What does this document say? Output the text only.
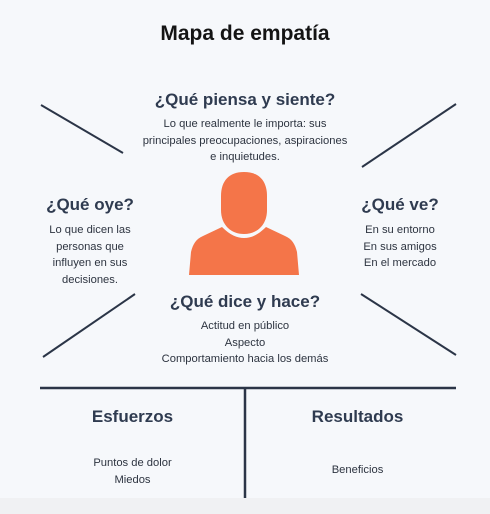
Mapa de empatía
¿Qué piensa y siente?
Lo que realmente le importa: sus
principales preocupaciones, aspiraciones
e inquietudes.
¿Qué oye?
Lo que dicen las
personas que
influyen en sus
decisiones.
¿Qué ve?
En su entorno
En sus amigos
En el mercado
¿Qué dice y hace?
Actitud en público
Aspecto
Comportamiento hacia los demás
Esfuerzos
Puntos de dolor
Miedos
Resultados
Beneficios
